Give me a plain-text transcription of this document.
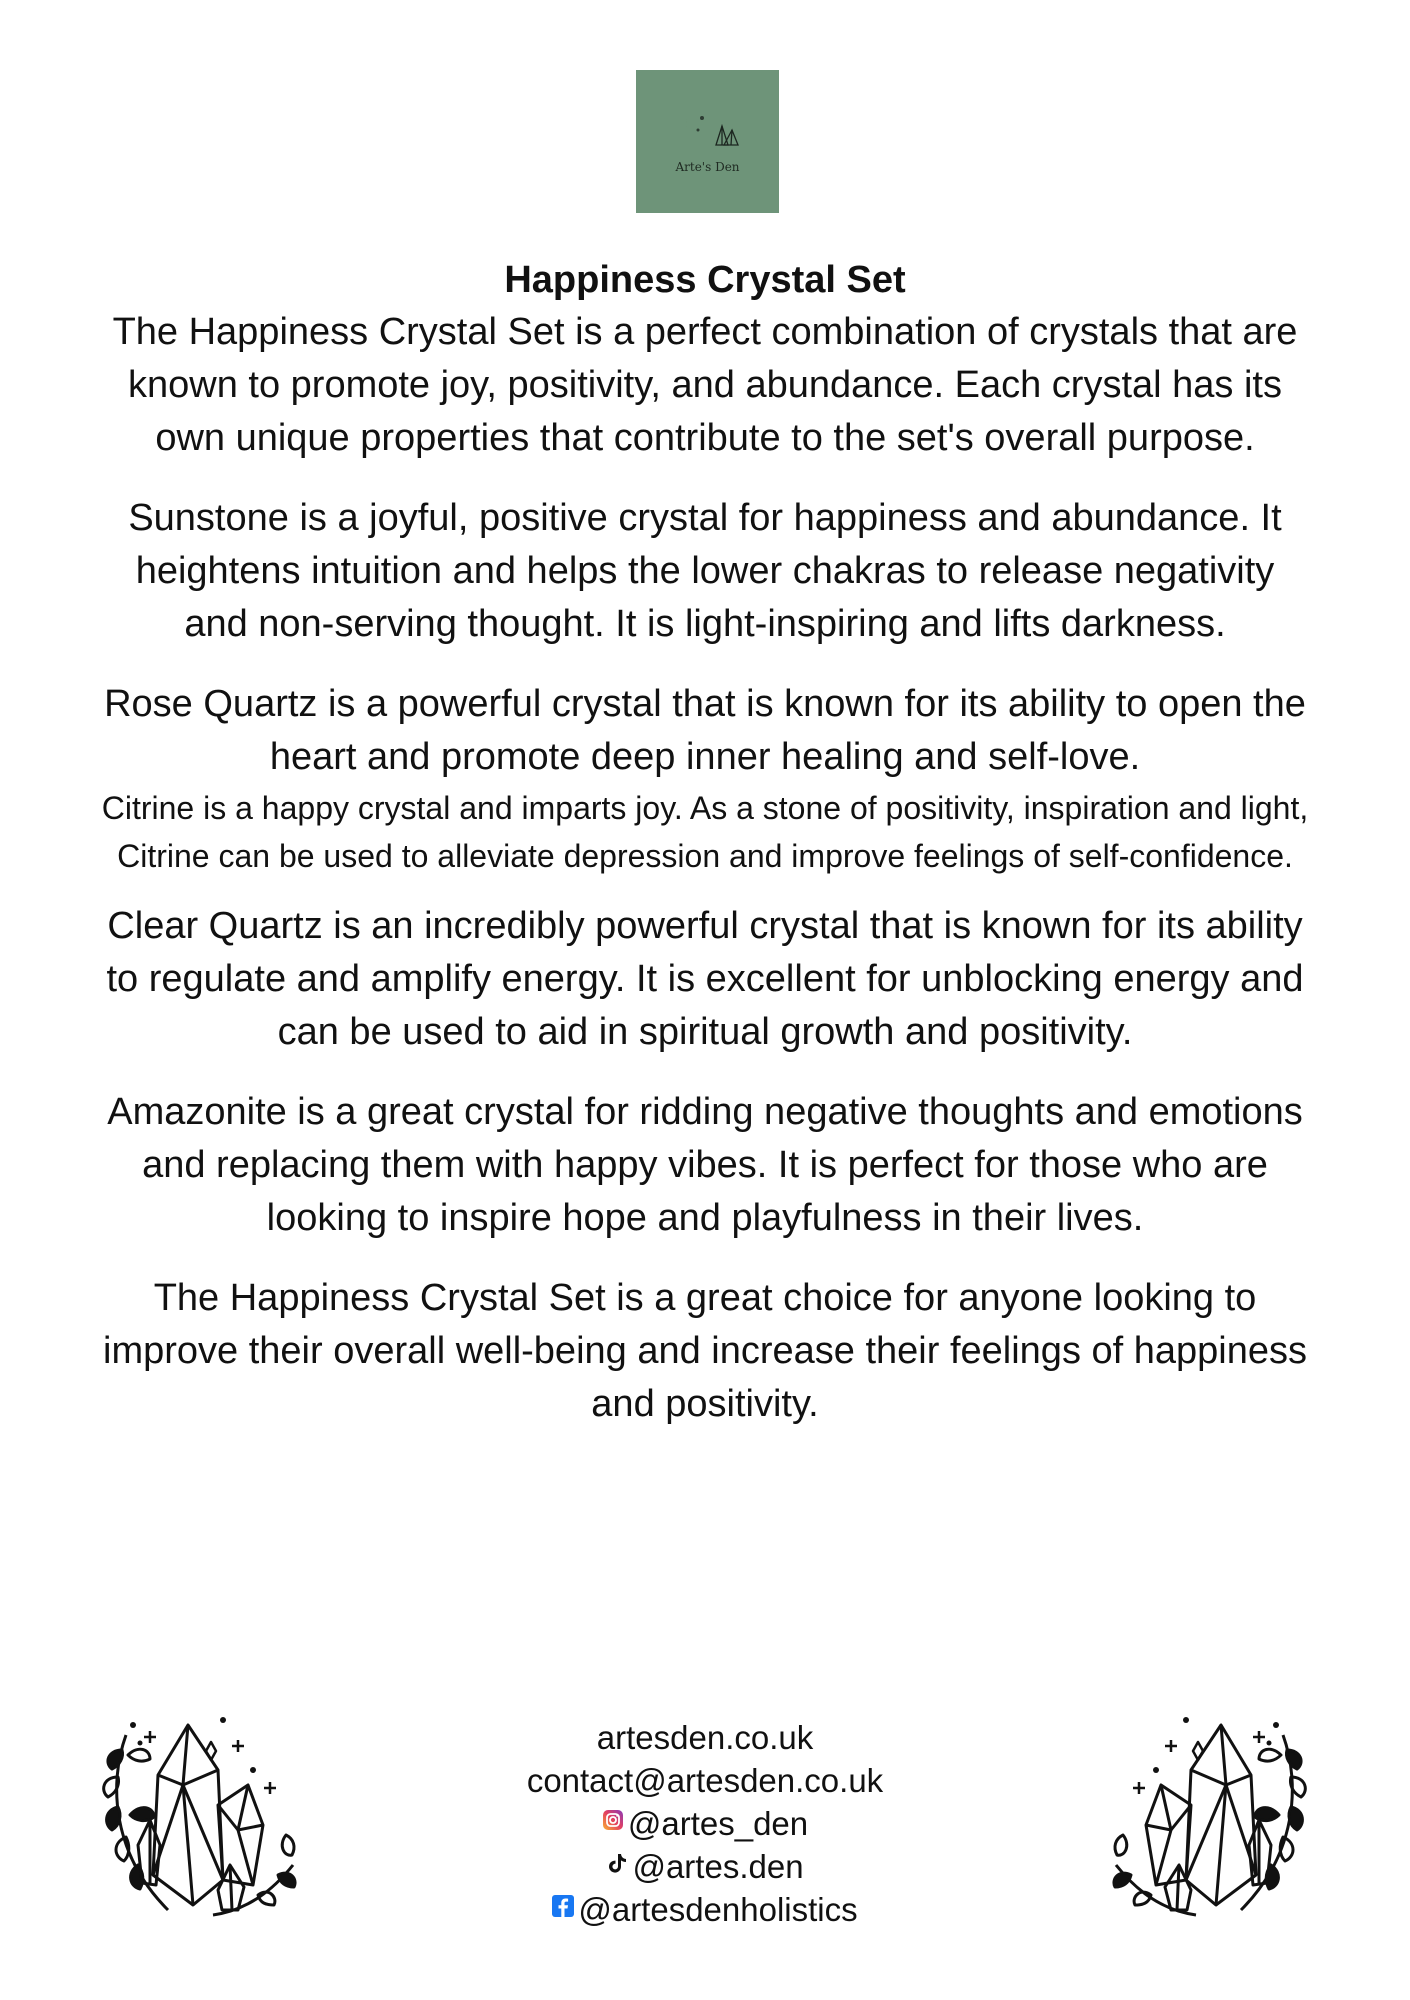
Arte's Den
Happiness Crystal Set

The Happiness Crystal Set is a perfect combination of crystals that are known to promote joy, positivity, and abundance. Each crystal has its own unique properties that contribute to the set's overall purpose.

Sunstone is a joyful, positive crystal for happiness and abundance. It heightens intuition and helps the lower chakras to release negativity and non-serving thought. It is light-inspiring and lifts darkness.

Rose Quartz is a powerful crystal that is known for its ability to open the heart and promote deep inner healing and self-love.

Citrine is a happy crystal and imparts joy. As a stone of positivity, inspiration and light, Citrine can be used to alleviate depression and improve feelings of self-confidence.

Clear Quartz is an incredibly powerful crystal that is known for its ability to regulate and amplify energy. It is excellent for unblocking energy and can be used to aid in spiritual growth and positivity.

Amazonite is a great crystal for ridding negative thoughts and emotions and replacing them with happy vibes. It is perfect for those who are looking to inspire hope and playfulness in their lives.

The Happiness Crystal Set is a great choice for anyone looking to improve their overall well-being and increase their feelings of happiness and positivity.

artesden.co.uk
contact@artesden.co.uk
@artes_den
@artes.den
@artesdenholistics
